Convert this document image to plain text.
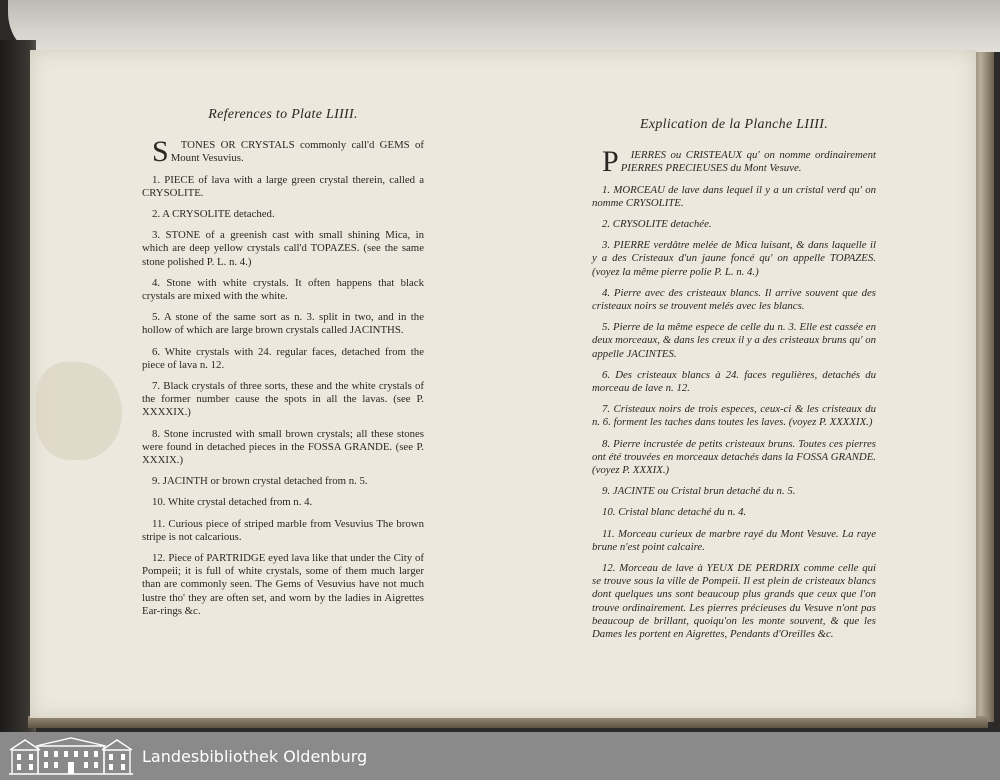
References to Plate LIIII.

S TONES OR CRYSTALS commonly call'd GEMS of Mount Vesuvius.

1. PIECE of lava with a large green crystal therein, called a CRYSOLITE.

2. A CRYSOLITE detached.

3. STONE of a greenish cast with small shining Mica, in which are deep yellow crystals call'd TOPAZES. (see the same stone polished P. L. n. 4.)

4. Stone with white crystals. It often happens that black crystals are mixed with the white.

5. A stone of the same sort as n. 3. split in two, and in the hollow of which are large brown crystals called JACINTHS.

6. White crystals with 24. regular faces, detached from the piece of lava n. 12.

7. Black crystals of three sorts, these and the white crystals of the former number cause the spots in all the lavas. (see P. XXXXIX.)

8. Stone incrusted with small brown crystals; all these stones were found in detached pieces in the FOSSA GRANDE. (see P. XXXIX.)

9. JACINTH or brown crystal detached from n. 5.

10. White crystal detached from n. 4.

11. Curious piece of striped marble from Vesuvius The brown stripe is not calcarious.

12. Piece of PARTRIDGE eyed lava like that under the City of Pompeii; it is full of white crystals, some of them much larger than are commonly seen. The Gems of Vesuvius have not much lustre tho' they are often set, and worn by the ladies in Aigrettes Ear-rings &c.

Explication de la Planche LIIII.

P IERRES ou CRISTEAUX qu' on nomme ordinairement PIERRES PRECIEUSES du Mont Vesuve.

1. MORCEAU de lave dans lequel il y a un cristal verd qu' on nomme CRYSOLITE.

2. CRYSOLITE detachée.

3. PIERRE verdâtre melée de Mica luisant, & dans laquelle il y a des Cristeaux d'un jaune foncé qu' on appelle TOPAZES. (voyez la même pierre polie P. L. n. 4.)

4. Pierre avec des cristeaux blancs. Il arrive souvent que des cristeaux noirs se trouvent melés avec les blancs.

5. Pierre de la même espece de celle du n. 3. Elle est cassée en deux morceaux, & dans les creux il y a des cristeaux bruns qu' on appelle JACINTES.

6. Des cristeaux blancs à 24. faces regulières, detachés du morceau de lave n. 12.

7. Cristeaux noirs de trois especes, ceux-ci & les cristeaux du n. 6. forment les taches dans toutes les laves. (voyez P. XXXXIX.)

8. Pierre incrustée de petits cristeaux bruns. Toutes ces pierres ont été trouvées en morceaux detachés dans la FOSSA GRANDE. (voyez P. XXXIX.)

9. JACINTE ou Cristal brun detaché du n. 5.

10. Cristal blanc detaché du n. 4.

11. Morceau curieux de marbre rayé du Mont Vesuve. La raye brune n'est point calcaire.

12. Morceau de lave à YEUX DE PERDRIX comme celle qui se trouve sous la ville de Pompeii. Il est plein de cristeaux blancs dont quelques uns sont beaucoup plus grands que ceux que l'on trouve ordinairement. Les pierres précieuses du Vesuve n'ont pas beaucoup de brillant, quoiqu'on les monte souvent, & que les Dames les portent en Aigrettes, Pendants d'Oreilles &c.

Landesbibliothek Oldenburg
